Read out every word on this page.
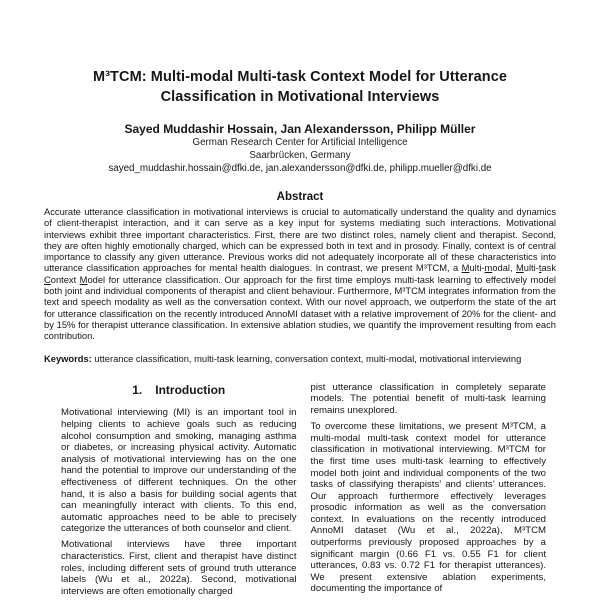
M³TCM: Multi-modal Multi-task Context Model for Utterance Classification in Motivational Interviews
Sayed Muddashir Hossain, Jan Alexandersson, Philipp Müller
German Research Center for Artificial Intelligence
Saarbrücken, Germany
sayed_muddashir.hossain@dfki.de, jan.alexandersson@dfki.de, philipp.mueller@dfki.de
Abstract

Accurate utterance classification in motivational interviews is crucial to automatically understand the quality and dynamics of client-therapist interaction, and it can serve as a key input for systems mediating such interactions. Motivational interviews exhibit three important characteristics. First, there are two distinct roles, namely client and therapist. Second, they are often highly emotionally charged, which can be expressed both in text and in prosody. Finally, context is of central importance to classify any given utterance. Previous works did not adequately incorporate all of these characteristics into utterance classification approaches for mental health dialogues. In contrast, we present M³TCM, a Multi-modal, Multi-task Context Model for utterance classification. Our approach for the first time employs multi-task learning to effectively model both joint and individual components of therapist and client behaviour. Furthermore, M³TCM integrates information from the text and speech modality as well as the conversation context. With our novel approach, we outperform the state of the art for utterance classification on the recently introduced AnnoMI dataset with a relative improvement of 20% for the client- and by 15% for therapist utterance classification. In extensive ablation studies, we quantify the improvement resulting from each contribution.

Keywords: utterance classification, multi-task learning, conversation context, multi-modal, motivational interviewing

1. Introduction

Motivational interviewing (MI) is an important tool in helping clients to achieve goals such as reducing alcohol consumption and smoking, managing asthma or diabetes, or increasing physical activity. Automatic analysis of motivational interviewing has on the one hand the potential to improve our understanding of the effectiveness of different techniques. On the other hand, it is also a basis for building social agents that can meaningfully interact with clients. To this end, automatic approaches need to be able to precisely categorize the utterances of both counselor and client.

Motivational interviews have three important characteristics. First, client and therapist have distinct roles, including different sets of ground truth utterance labels (Wu et al., 2022a). Second, motivational interviews are often emotionally charged

pist utterance classification in completely separate models. The potential benefit of multi-task learning remains unexplored.

To overcome these limitations, we present M³TCM, a multi-modal multi-task context model for utterance classification in motivational interviewing. M³TCM for the first time uses multi-task learning to effectively model both joint and individual components of the two tasks of classifying therapists’ and clients’ utterances. Our approach furthermore effectively leverages prosodic information as well as the conversation context. In evaluations on the recently introduced AnnoMI dataset (Wu et al., 2022a), M³TCM outperforms previously proposed approaches by a significant margin (0.66 F1 vs. 0.55 F1 for client utterances, 0.83 vs. 0.72 F1 for therapist utterances). We present extensive ablation experiments, documenting the importance of
